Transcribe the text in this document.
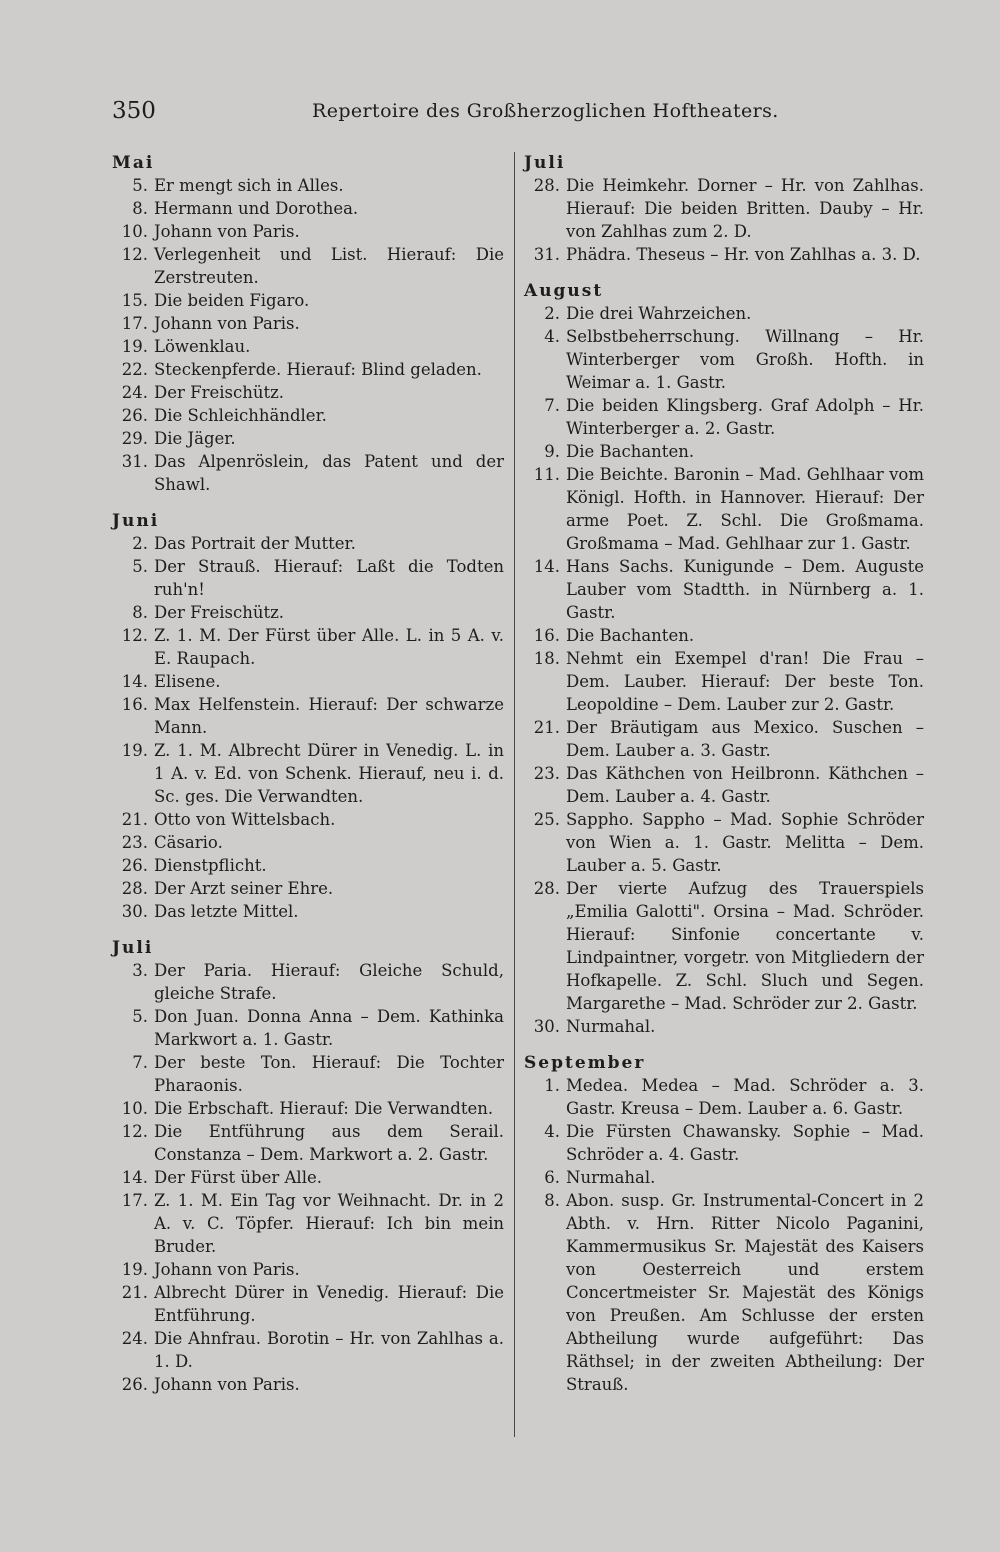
350	Repertoire des Großherzoglichen Hoftheaters.
Mai
5. Er mengt sich in Alles.
8. Hermann und Dorothea.
10. Johann von Paris.
12. Verlegenheit und List. Hierauf: Die Zerstreuten.
15. Die beiden Figaro.
17. Johann von Paris.
19. Löwenklau.
22. Steckenpferde. Hierauf: Blind geladen.
24. Der Freischütz.
26. Die Schleichhändler.
29. Die Jäger.
31. Das Alpenröslein, das Patent und der Shawl.
Juni
2. Das Portrait der Mutter.
5. Der Strauß. Hierauf: Laßt die Todten ruh'n!
8. Der Freischütz.
12. Z. 1. M. Der Fürst über Alle. L. in 5 A. v. E. Raupach.
14. Elisene.
16. Max Helfenstein. Hierauf: Der schwarze Mann.
19. Z. 1. M. Albrecht Dürer in Venedig. L. in 1 A. v. Ed. von Schenk. Hierauf, neu i. d. Sc. ges. Die Verwandten.
21. Otto von Wittelsbach.
23. Cäsario.
26. Dienstpflicht.
28. Der Arzt seiner Ehre.
30. Das letzte Mittel.
Juli
3. Der Paria. Hierauf: Gleiche Schuld, gleiche Strafe.
5. Don Juan. Donna Anna – Dem. Kathinka Markwort a. 1. Gastr.
7. Der beste Ton. Hierauf: Die Tochter Pharaonis.
10. Die Erbschaft. Hierauf: Die Verwandten.
12. Die Entführung aus dem Serail. Constanza – Dem. Markwort a. 2. Gastr.
14. Der Fürst über Alle.
17. Z. 1. M. Ein Tag vor Weihnacht. Dr. in 2 A. v. C. Töpfer. Hierauf: Ich bin mein Bruder.
19. Johann von Paris.
21. Albrecht Dürer in Venedig. Hierauf: Die Entführung.
24. Die Ahnfrau. Borotin – Hr. von Zahlhas a. 1. D.
26. Johann von Paris.
Juli
28. Die Heimkehr. Dorner – Hr. von Zahlhas. Hierauf: Die beiden Britten. Dauby – Hr. von Zahlhas zum 2. D.
31. Phädra. Theseus – Hr. von Zahlhas a. 3. D.
August
2. Die drei Wahrzeichen.
4. Selbstbeherrschung. Willnang – Hr. Winterberger vom Großh. Hofth. in Weimar a. 1. Gastr.
7. Die beiden Klingsberg. Graf Adolph – Hr. Winterberger a. 2. Gastr.
9. Die Bachanten.
11. Die Beichte. Baronin – Mad. Gehlhaar vom Königl. Hofth. in Hannover. Hierauf: Der arme Poet. Z. Schl. Die Großmama. Großmama – Mad. Gehlhaar zur 1. Gastr.
14. Hans Sachs. Kunigunde – Dem. Auguste Lauber vom Stadtth. in Nürnberg a. 1. Gastr.
16. Die Bachanten.
18. Nehmt ein Exempel d'ran! Die Frau – Dem. Lauber. Hierauf: Der beste Ton. Leopoldine – Dem. Lauber zur 2. Gastr.
21. Der Bräutigam aus Mexico. Suschen – Dem. Lauber a. 3. Gastr.
23. Das Käthchen von Heilbronn. Käthchen – Dem. Lauber a. 4. Gastr.
25. Sappho. Sappho – Mad. Sophie Schröder von Wien a. 1. Gastr. Melitta – Dem. Lauber a. 5. Gastr.
28. Der vierte Aufzug des Trauerspiels „Emilia Galotti". Orsina – Mad. Schröder. Hierauf: Sinfonie concertante v. Lindpaintner, vorgetr. von Mitgliedern der Hofkapelle. Z. Schl. Sluch und Segen. Margarethe – Mad. Schröder zur 2. Gastr.
30. Nurmahal.
September
1. Medea. Medea – Mad. Schröder a. 3. Gastr. Kreusa – Dem. Lauber a. 6. Gastr.
4. Die Fürsten Chawansky. Sophie – Mad. Schröder a. 4. Gastr.
6. Nurmahal.
8. Abon. susp. Gr. Instrumental-Concert in 2 Abth. v. Hrn. Ritter Nicolo Paganini, Kammermusikus Sr. Majestät des Kaisers von Oesterreich und erstem Concertmeister Sr. Majestät des Königs von Preußen. Am Schlusse der ersten Abtheilung wurde aufgeführt: Das Räthsel; in der zweiten Abtheilung: Der Strauß.
